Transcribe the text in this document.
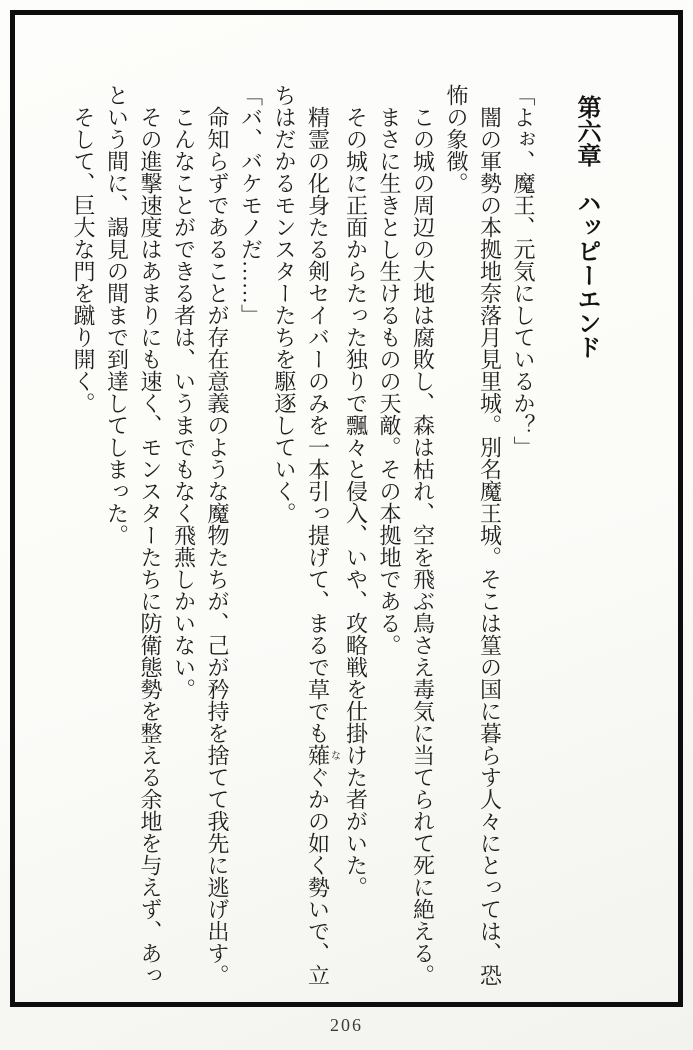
第六章　ハッピーエンド

「よぉ、魔王、元気にしているか？」

闇の軍勢の本拠地奈落月見里城。別名魔王城。そこは篁の国に暮らす人々にとっては、恐怖の象徴。

この城の周辺の大地は腐敗し、森は枯れ、空を飛ぶ鳥さえ毒気に当てられて死に絶える。

まさに生きとし生けるものの天敵。その本拠地である。

その城に正面からたった独りで飄々と侵入、いや、攻略戦を仕掛けた者がいた。

精霊の化身たる剣セイバーのみを一本引っ提げて、まるで草でも薙なぐかの如く勢いで、立ちはだかるモンスターたちを駆逐していく。

「バ、バケモノだ……」

命知らずであることが存在意義のような魔物たちが、己が矜持を捨てて我先に逃げ出す。

こんなことができる者は、いうまでもなく飛燕しかいない。

その進撃速度はあまりにも速く、モンスターたちに防衛態勢を整える余地を与えず、あっという間に、謁見の間まで到達してしまった。

そして、巨大な門を蹴り開く。

206
